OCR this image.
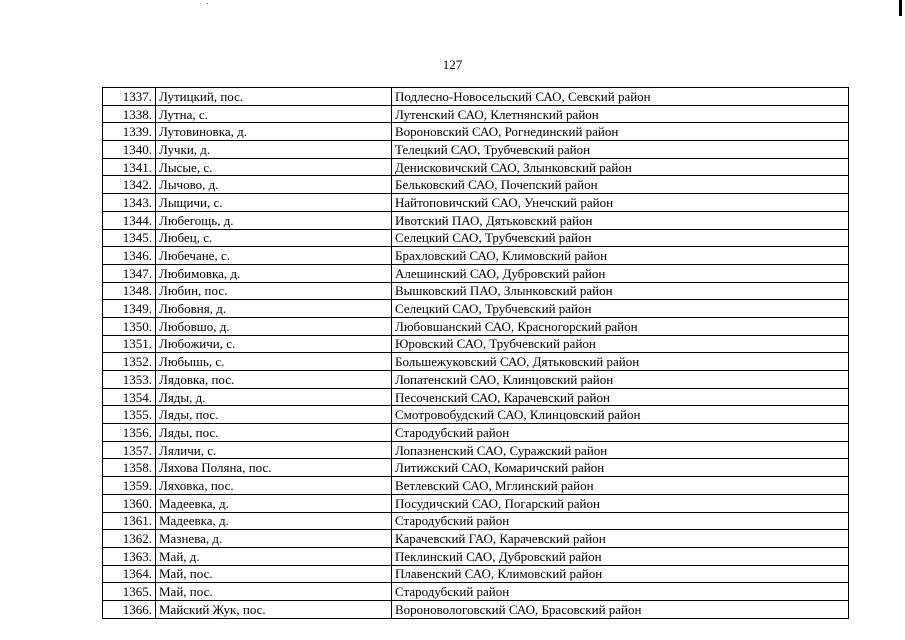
127
1337.	Лутицкий, пос.	Подлесно-Новосельский САО, Севский район
1338.	Лутна, с.	Лутенский САО, Клетнянский район
1339.	Лутовиновка, д.	Вороновский САО, Рогнединский район
1340.	Лучки, д.	Телецкий САО, Трубчевский район
1341.	Лысые, с.	Денисковичский САО, Злынковский район
1342.	Лычово, д.	Бельковский САО, Почепский район
1343.	Лыщичи, с.	Найтоповичский САО, Унечский район
1344.	Любегощь, д.	Ивотский ПАО, Дятьковский район
1345.	Любец, с.	Селецкий САО, Трубчевский район
1346.	Любечане, с.	Брахловский САО, Климовский район
1347.	Любимовка, д.	Алешинский САО, Дубровский район
1348.	Любин, пос.	Вышковский ПАО, Злынковский район
1349.	Любовня, д.	Селецкий САО, Трубчевский район
1350.	Любовшо, д.	Любовшанский САО, Красногорский район
1351.	Любожичи, с.	Юровский САО, Трубчевский район
1352.	Любышь, с.	Большежуковский САО, Дятьковский район
1353.	Лядовка, пос.	Лопатенский САО, Клинцовский район
1354.	Ляды, д.	Песоченский САО, Карачевский район
1355.	Ляды, пос.	Смотровобудский САО, Клинцовский район
1356.	Ляды, пос.	Стародубский район
1357.	Ляличи, с.	Лопазненский САО, Суражский район
1358.	Ляхова Поляна, пос.	Литижский САО, Комаричский район
1359.	Ляховка, пос.	Ветлевский САО, Мглинский район
1360.	Мадеевка, д.	Посудичский САО, Погарский район
1361.	Мадеевка, д.	Стародубский район
1362.	Мазнева, д.	Карачевский ГАО, Карачевский район
1363.	Май, д.	Пеклинский САО, Дубровский район
1364.	Май, пос.	Плавенский САО, Климовский район
1365.	Май, пос.	Стародубский район
1366.	Майский Жук, пос.	Вороновологовский САО, Брасовский район
